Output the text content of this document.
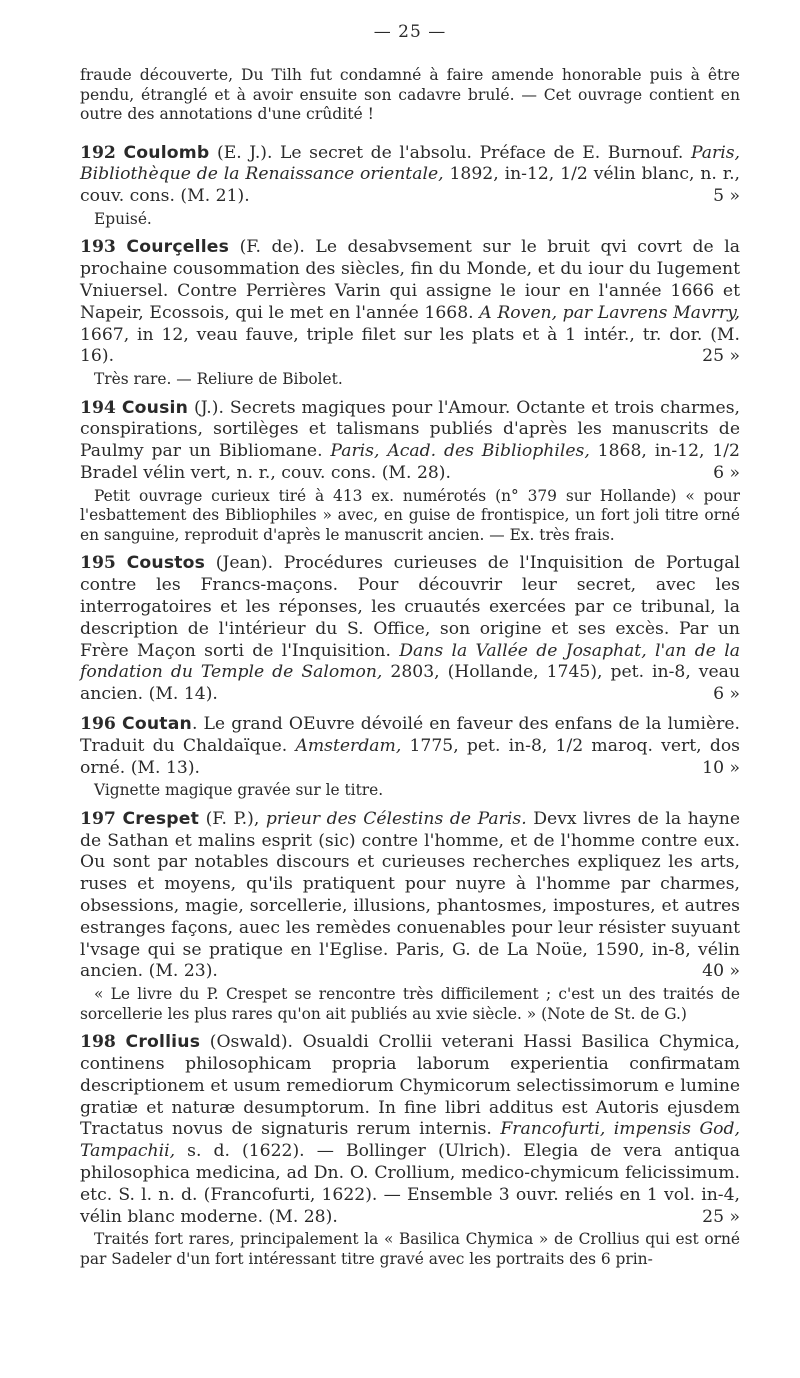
— 25 —

fraude découverte, Du Tilh fut condamné à faire amende honorable puis à être pendu, étranglé et à avoir ensuite son cadavre brulé. — Cet ouvrage contient en outre des annotations d'une crûdité !

192 Coulomb (E. J.). Le secret de l'absolu. Préface de E. Burnouf. Paris, Bibliothèque de la Renaissance orientale, 1892, in-12, 1/2 vélin blanc, n. r., couv. cons. (M. 21).	5 »

Epuisé.

193 Courçelles (F. de). Le desabvsement sur le bruit qvi covrt de la prochaine cousommation des siècles, fin du Monde, et du iour du Iugement Vniuersel. Contre Perrières Varin qui assigne le iour en l'année 1666 et Napeir, Ecossois, qui le met en l'année 1668. A Roven, par Lavrens Mavrry, 1667, in 12, veau fauve, triple filet sur les plats et à 1 intér., tr. dor. (M. 16).	25 »

Très rare. — Reliure de Bibolet.

194 Cousin (J.). Secrets magiques pour l'Amour. Octante et trois charmes, conspirations, sortilèges et talismans publiés d'après les manuscrits de Paulmy par un Bibliomane. Paris, Acad. des Bibliophiles, 1868, in-12, 1/2 Bradel vélin vert, n. r., couv. cons. (M. 28).	6 »

Petit ouvrage curieux tiré à 413 ex. numérotés (n° 379 sur Hollande) « pour l'esbattement des Bibliophiles » avec, en guise de frontispice, un fort joli titre orné en sanguine, reproduit d'après le manuscrit ancien. — Ex. très frais.

195 Coustos (Jean). Procédures curieuses de l'Inquisition de Portugal contre les Francs-maçons. Pour découvrir leur secret, avec les interrogatoires et les réponses, les cruautés exercées par ce tribunal, la description de l'intérieur du S. Office, son origine et ses excès. Par un Frère Maçon sorti de l'Inquisition. Dans la Vallée de Josaphat, l'an de la fondation du Temple de Salomon, 2803, (Hollande, 1745), pet. in-8, veau ancien. (M. 14).	6 »

196 Coutan. Le grand OEuvre dévoilé en faveur des enfans de la lumière. Traduit du Chaldaïque. Amsterdam, 1775, pet. in-8, 1/2 maroq. vert, dos orné. (M. 13).	10 »

Vignette magique gravée sur le titre.

197 Crespet (F. P.), prieur des Célestins de Paris. Devx livres de la hayne de Sathan et malins esprit (sic) contre l'homme, et de l'homme contre eux. Ou sont par notables discours et curieuses recherches expliquez les arts, ruses et moyens, qu'ils pratiquent pour nuyre à l'homme par charmes, obsessions, magie, sorcellerie, illusions, phantosmes, impostures, et autres estranges façons, auec les remèdes conuenables pour leur résister suyuant l'vsage qui se pratique en l'Eglise. Paris, G. de La Noüe, 1590, in-8, vélin ancien. (M. 23).	40 »

« Le livre du P. Crespet se rencontre très difficilement ; c'est un des traités de sorcellerie les plus rares qu'on ait publiés au xvie siècle. » (Note de St. de G.)

198 Crollius (Oswald). Osualdi Crollii veterani Hassi Basilica Chymica, continens philosophicam propria laborum experientia confirmatam descriptionem et usum remediorum Chymicorum selectissimorum e lumine gratiæ et naturæ desumptorum. In fine libri additus est Autoris ejusdem Tractatus novus de signaturis rerum internis. Francofurti, impensis God, Tampachii, s. d. (1622). — Bollinger (Ulrich). Elegia de vera antiqua philosophica medicina, ad Dn. O. Crollium, medico-chymicum felicissimum. etc. S. l. n. d. (Francofurti, 1622). — Ensemble 3 ouvr. reliés en 1 vol. in-4, vélin blanc moderne. (M. 28).	25 »

Traités fort rares, principalement la « Basilica Chymica » de Crollius qui est orné par Sadeler d'un fort intéressant titre gravé avec les portraits des 6 prin-
